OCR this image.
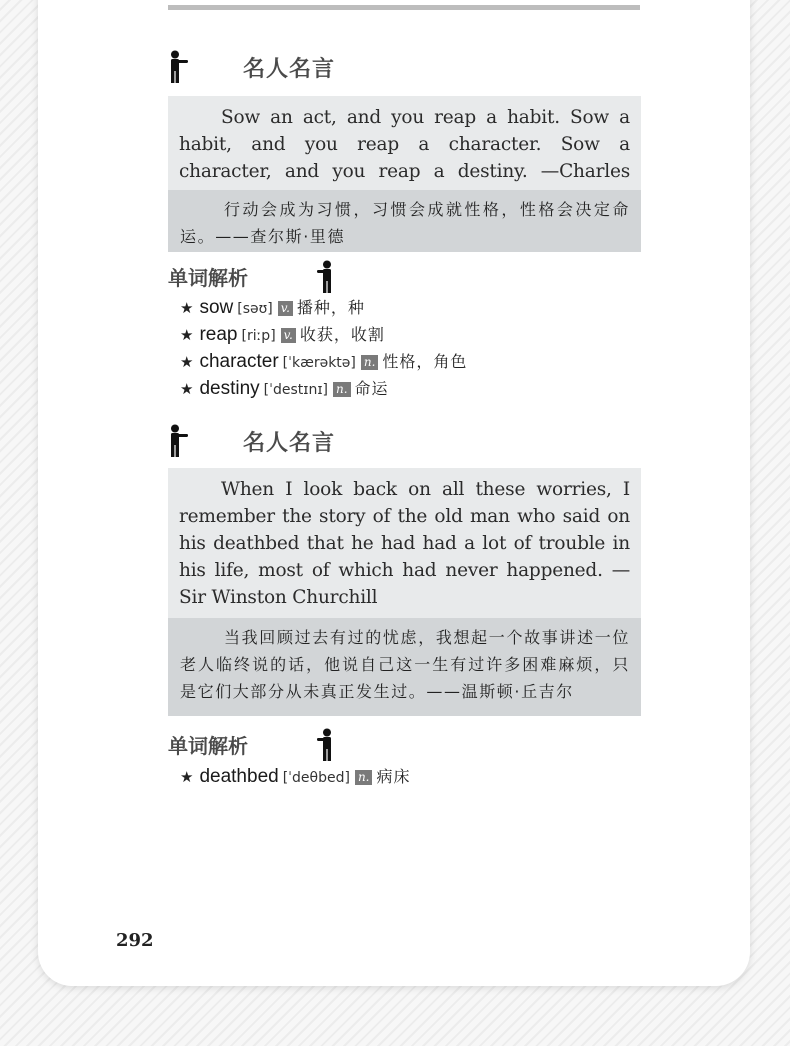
名人名言
Sow an act, and you reap a habit. Sow a habit, and you reap a character. Sow a character, and you reap a destiny. —Charles
行动会成为习惯，习惯会成就性格，性格会决定命运。——查尔斯·里德
单词解析
★ sow [səʊ] v. 播种，种
★ reap [riːp] v. 收获，收割
★ character [ˈkærəktə] n. 性格，角色
★ destiny [ˈdestɪnɪ] n. 命运
名人名言
When I look back on all these worries, I remember the story of the old man who said on his deathbed that he had had a lot of trouble in his life, most of which had never happened. —Sir Winston Churchill
当我回顾过去有过的忧虑，我想起一个故事讲述一位老人临终说的话，他说自己这一生有过许多困难麻烦，只是它们大部分从未真正发生过。——温斯顿·丘吉尔
单词解析
★ deathbed [ˈdeθbed] n. 病床
292
